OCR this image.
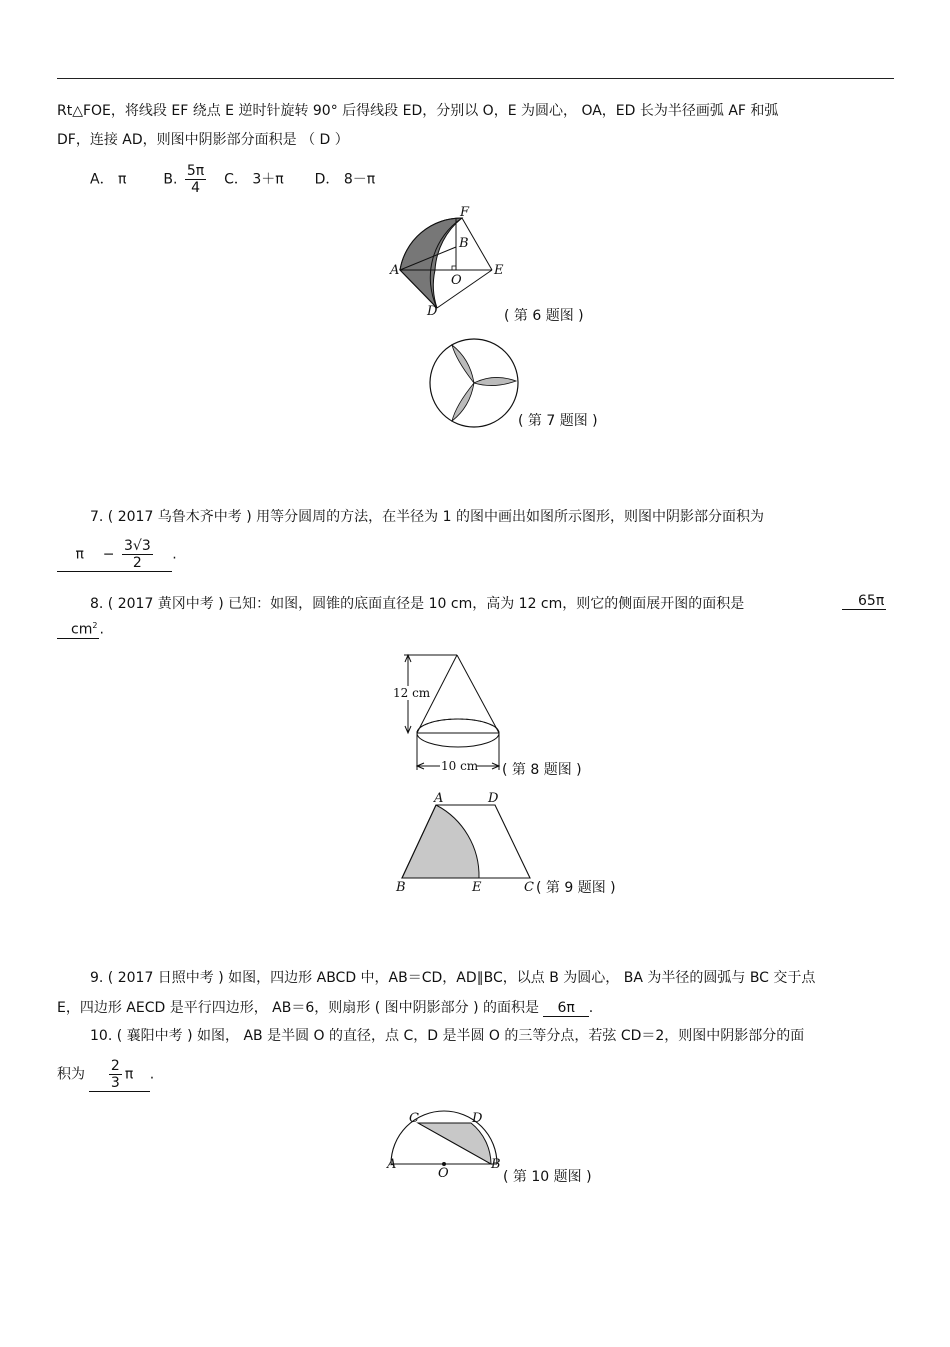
Rt△FOE，将线段 EF 绕点 E 逆时针旋转 90° 后得线段 ED，分别以 O，E 为圆心， OA，ED 长为半径画弧 AF 和弧
DF，连接 AD，则图中阴影部分面积是 （ D ）
A． π	B. $\frac{5\pi}{4}$ C． 3＋π D． 8－π
F
B
A
O
E
D	( 第 6 题图 )
( 第 7 题图 )
7. ( 2017 乌鲁木齐中考 ) 用等分圆周的方法，在半径为 1 的图中画出如图所示图形，则图中阴影部分面积为
$\pi - \frac{3√3}{2}$ .
8. ( 2017 黄冈中考 ) 已知：如图，圆锥的底面直径是 10 cm，高为 12 cm，则它的侧面展开图的面积是	65π
$cm^2$ .
12 cm
10 cm ( 第 8 题图 )
A	D
B	E	C ( 第 9 题图 )
9. ( 2017 日照中考 ) 如图，四边形 ABCD 中，AB＝CD，AD∥BC，以点 B 为圆心， BA 为半径的圆弧与 BC 交于点
E，四边形 AECD 是平行四边形， AB＝6，则扇形 ( 图中阴影部分 ) 的面积是 6π .
10. ( 襄阳中考 ) 如图， AB 是半圆 O 的直径，点 C，D 是半圆 O 的三等分点，若弦 CD＝2，则图中阴影部分的面
积为 $\frac{2}{3}$ π .
C	D
A
O
B
( 第 10 题图 )
